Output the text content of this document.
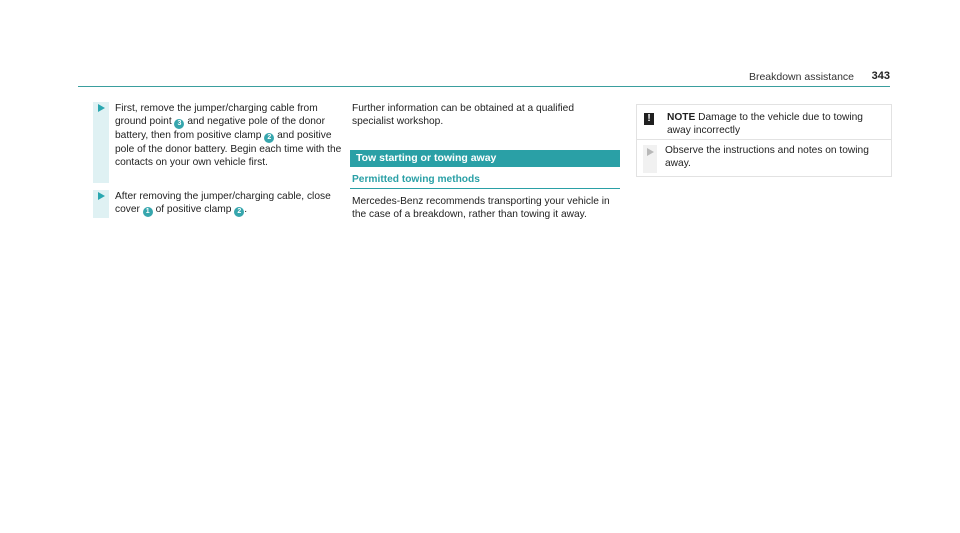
Breakdown assistance 343
First, remove the jumper/charging cable from ground point 3 and negative pole of the donor battery, then from positive clamp 2 and positive pole of the donor battery. Begin each time with the contacts on your own vehicle first.
After removing the jumper/charging cable, close cover 1 of positive clamp 2 .
Further information can be obtained at a qualified specialist workshop.
Tow starting or towing away
Permitted towing methods
Mercedes-Benz recommends transporting your vehicle in the case of a breakdown, rather than towing it away.
!	NOTE Damage to the vehicle due to towing away incorrectly
Observe the instructions and notes on towing away.
